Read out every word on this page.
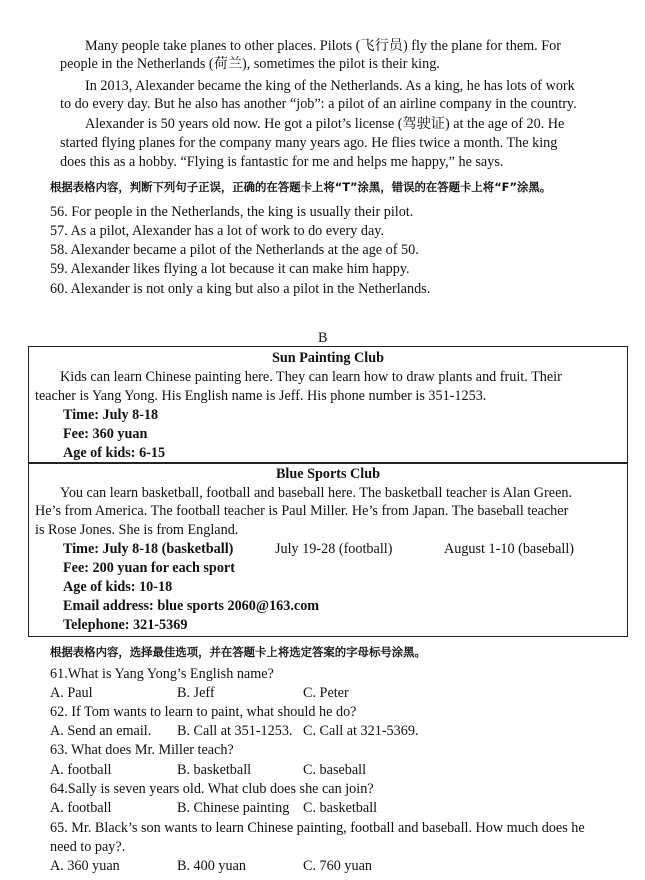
Many people take planes to other places. Pilots (飞行员) fly the plane for them. For
people in the Netherlands (荷兰), sometimes the pilot is their king.
In 2013, Alexander became the king of the Netherlands. As a king, he has lots of work
to do every day. But he also has another “job”: a pilot of an airline company in the country.
Alexander is 50 years old now. He got a pilot’s license (驾驶证) at the age of 20. He
started flying planes for the company many years ago. He flies twice a month. The king
does this as a hobby. “Flying is fantastic for me and helps me happy,” he says.
根据表格内容，判断下列句子正误，正确的在答题卡上将“T”涂黑，错误的在答题卡上将“F”涂黑。
56. For people in the Netherlands, the king is usually their pilot.
57. As a pilot, Alexander has a lot of work to do every day.
58. Alexander became a pilot of the Netherlands at the age of 50.
59. Alexander likes flying a lot because it can make him happy.
60. Alexander is not only a king but also a pilot in the Netherlands.
B
Sun Painting Club
Kids can learn Chinese painting here. They can learn how to draw plants and fruit. Their
teacher is Yang Yong. His English name is Jeff. His phone number is 351-1253.
Time: July 8-18
Fee: 360 yuan
Age of kids: 6-15
Blue Sports Club
You can learn basketball, football and baseball here. The basketball teacher is Alan Green.
He’s from America. The football teacher is Paul Miller. He’s from Japan. The baseball teacher
is Rose Jones. She is from England.
Time: July 8-18 (basketball)	July 19-28 (football)	August 1-10 (baseball)
Fee: 200 yuan for each sport
Age of kids: 10-18
Email address: blue sports 2060@163.com
Telephone: 321-5369
根据表格内容，选择最佳选项，并在答题卡上将选定答案的字母标号涂黑。
61.What is Yang Yong’s English name?
A. Paul	B. Jeff	C. Peter
62. If Tom wants to learn to paint, what should he do?
A. Send an email. B. Call at 351-1253. C. Call at 321-5369.
63. What does Mr. Miller teach?
A. football	B. basketball	C. baseball
64.Sally is seven years old. What club does she can join?
A. football	B. Chinese painting C. basketball
65. Mr. Black’s son wants to learn Chinese painting, football and baseball. How much does he
need to pay?.
A. 360 yuan	B. 400 yuan	C. 760 yuan
